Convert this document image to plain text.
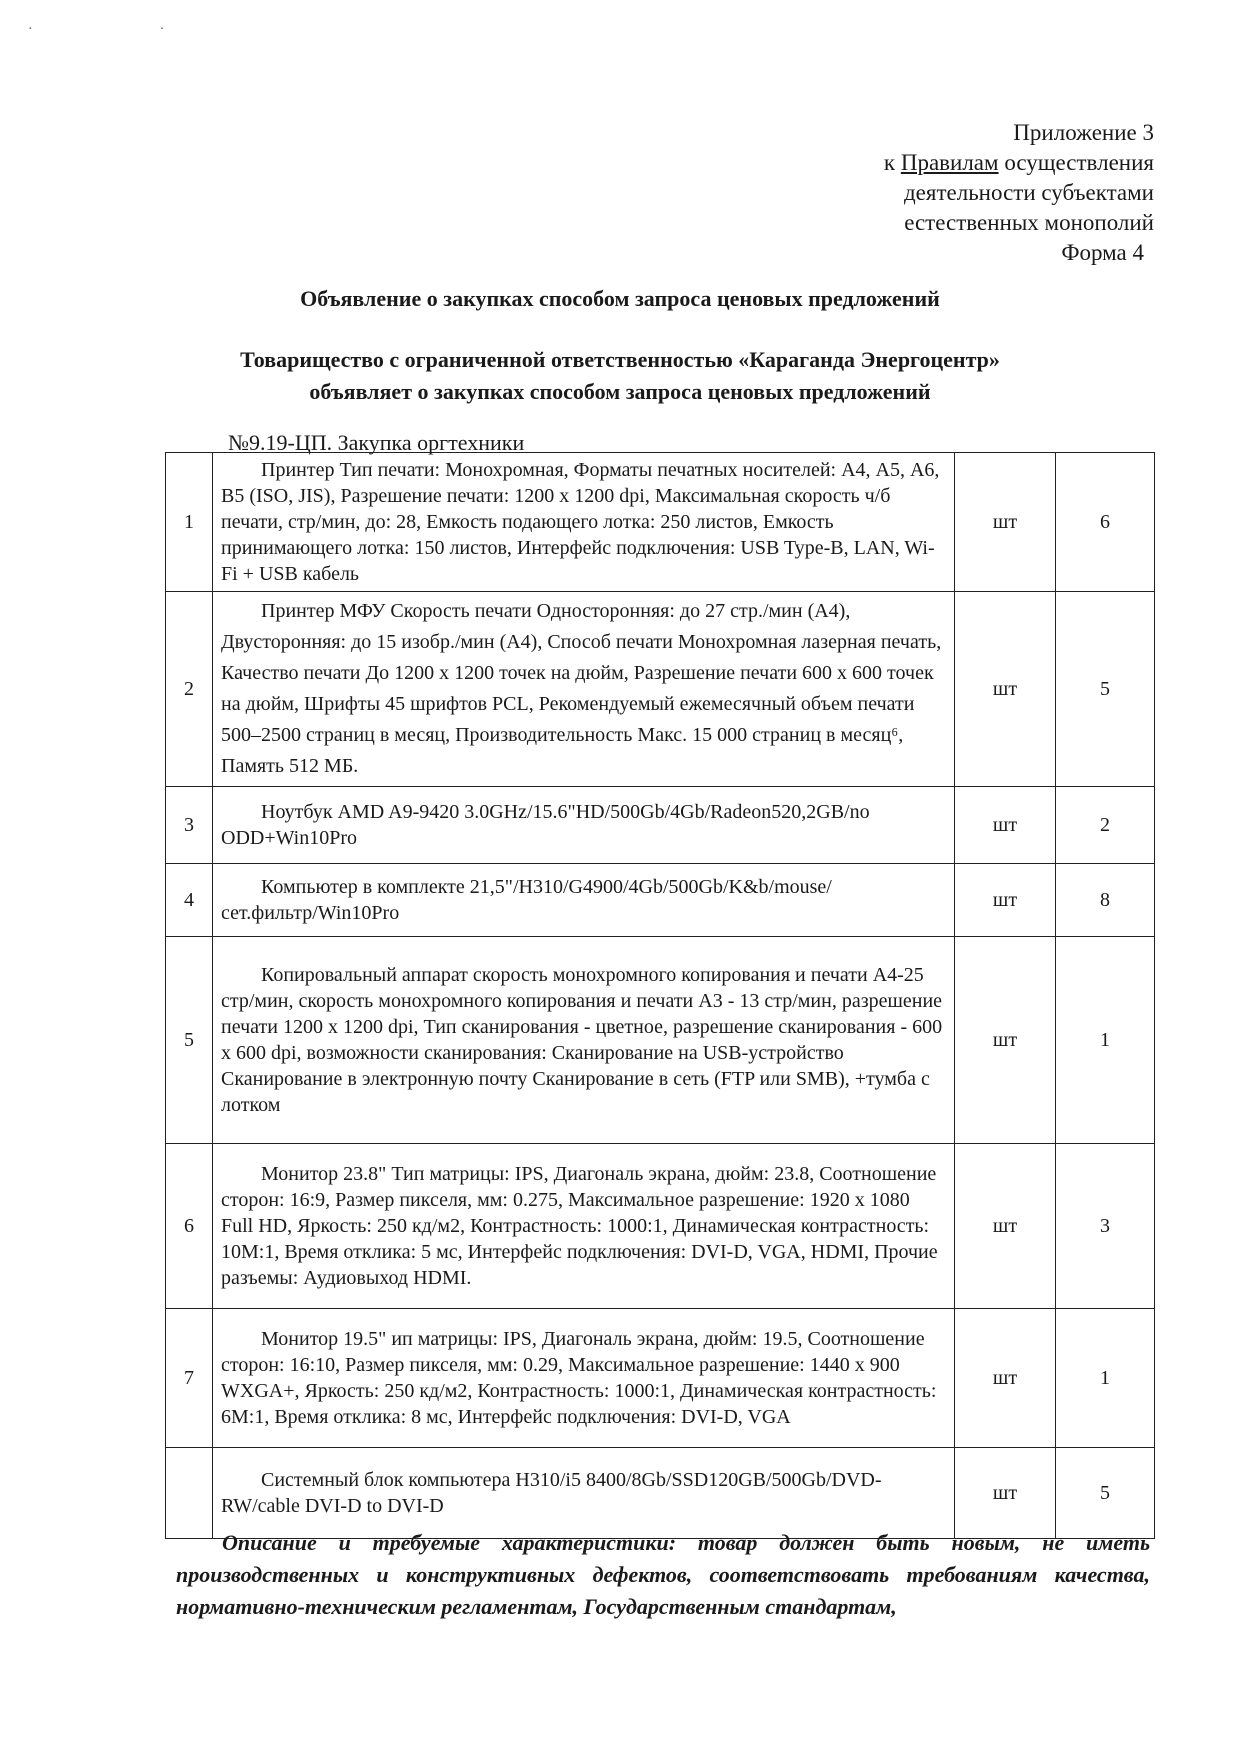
·  ·
Приложение 3
к Правилам осуществления
деятельности субъектами
естественных монополий
Форма 4
Объявление о закупках способом запроса ценовых предложений
Товарищество с ограниченной ответственностью «Караганда Энергоцентр»
объявляет о закупках способом запроса ценовых предложений
№9.19-ЦП. Закупка оргтехники
1	Принтер Тип печати: Монохромная, Форматы печатных носителей: А4, А5, А6, В5 (ISO, JIS), Разрешение печати: 1200 х 1200 dpi, Максимальная скорость ч/б печати, стр/мин, до: 28, Емкость подающего лотка: 250 листов, Емкость принимающего лотка: 150 листов, Интерфейс подключения: USB Type-B, LAN, Wi-Fi + USB кабель	шт	6
2	Принтер МФУ Скорость печати Односторонняя: до 27 стр./мин (А4), Двусторонняя: до 15 изобр./мин (А4), Способ печати Монохромная лазерная печать, Качество печати До 1200 х 1200 точек на дюйм, Разрешение печати 600 х 600 точек на дюйм, Шрифты 45 шрифтов PCL, Рекомендуемый ежемесячный объем печати 500–2500 страниц в месяц, Производительность Макс. 15 000 страниц в месяц⁶, Память 512 МБ.	шт	5
3	Ноутбук AMD A9-9420 3.0GHz/15.6"HD/500Gb/4Gb/Radeon520,2GB/no ODD+Win10Pro	шт	2
4	Компьютер в комплекте 21,5"/H310/G4900/4Gb/500Gb/K&b/mouse/сет.фильтр/Win10Pro	шт	8
5	Копировальный аппарат скорость монохромного копирования и печати А4-25 стр/мин, скорость монохромного копирования и печати А3 - 13 стр/мин, разрешение печати 1200 х 1200 dpi, Тип сканирования - цветное, разрешение сканирования - 600 х 600 dpi, возможности сканирования: Сканирование на USB-устройство Сканирование в электронную почту Сканирование в сеть (FTP или SMB), +тумба с лотком	шт	1
6	Монитор 23.8" Тип матрицы: IPS, Диагональ экрана, дюйм: 23.8, Соотношение сторон: 16:9, Размер пикселя, мм: 0.275, Максимальное разрешение: 1920 х 1080 Full HD, Яркость: 250 кд/м2, Контрастность: 1000:1, Динамическая контрастность: 10М:1, Время отклика: 5 мс, Интерфейс подключения: DVI-D, VGA, HDMI, Прочие разъемы: Аудиовыход HDMI.	шт	3
7	Монитор 19.5" ип матрицы: IPS, Диагональ экрана, дюйм: 19.5, Соотношение сторон: 16:10, Размер пикселя, мм: 0.29, Максимальное разрешение: 1440 х 900 WXGA+, Яркость: 250 кд/м2, Контрастность: 1000:1, Динамическая контрастность: 6М:1, Время отклика: 8 мс, Интерфейс подключения: DVI-D, VGA	шт	1
	Системный блок компьютера H310/i5 8400/8Gb/SSD120GB/500Gb/DVD-RW/cable DVI-D to DVI-D	шт	5
Описание и требуемые характеристики: товар должен быть новым, не иметь производственных и конструктивных дефектов, соответствовать требованиям качества, нормативно-техническим регламентам, Государственным стандартам,
